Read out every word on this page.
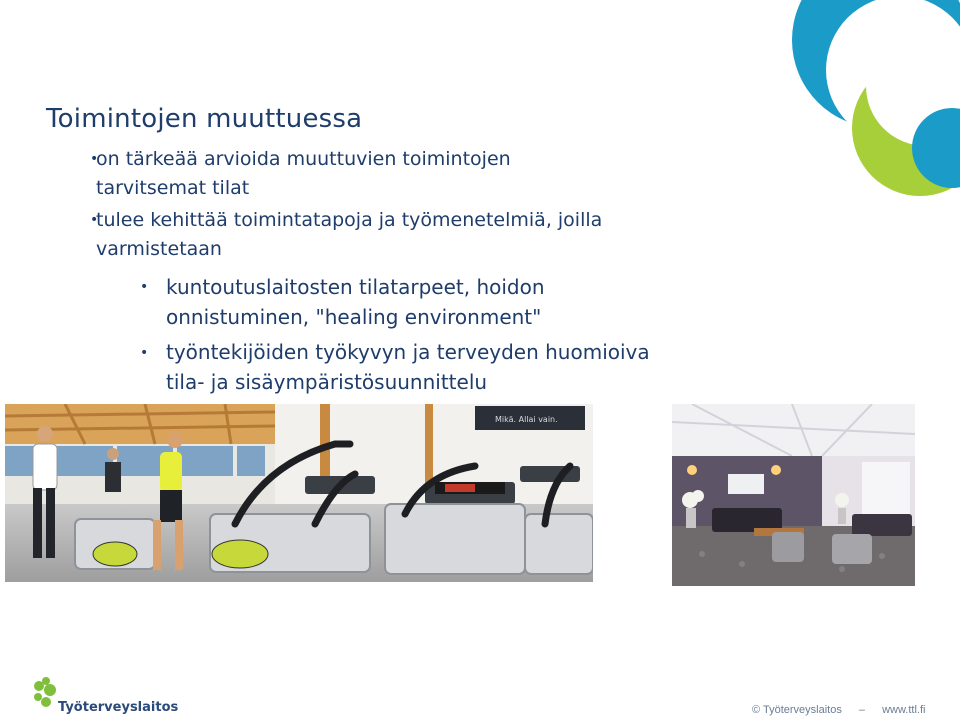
Toimintojen muuttuessa
•
on tärkeää arvioida muuttuvien toimintojen
tarvitsemat tilat
•
tulee kehittää toimintatapoja ja työmenetelmiä, joilla
varmistetaan
• kuntoutuslaitosten tilatarpeet, hoidon
onnistuminen, "healing environment"
• työntekijöiden työkyvyn ja terveyden huomioiva
tila- ja sisäympäristösuunnittelu
Mikä. Allai vain.
Työterveyslaitos	© Työterveyslaitos – www.ttl.fi
